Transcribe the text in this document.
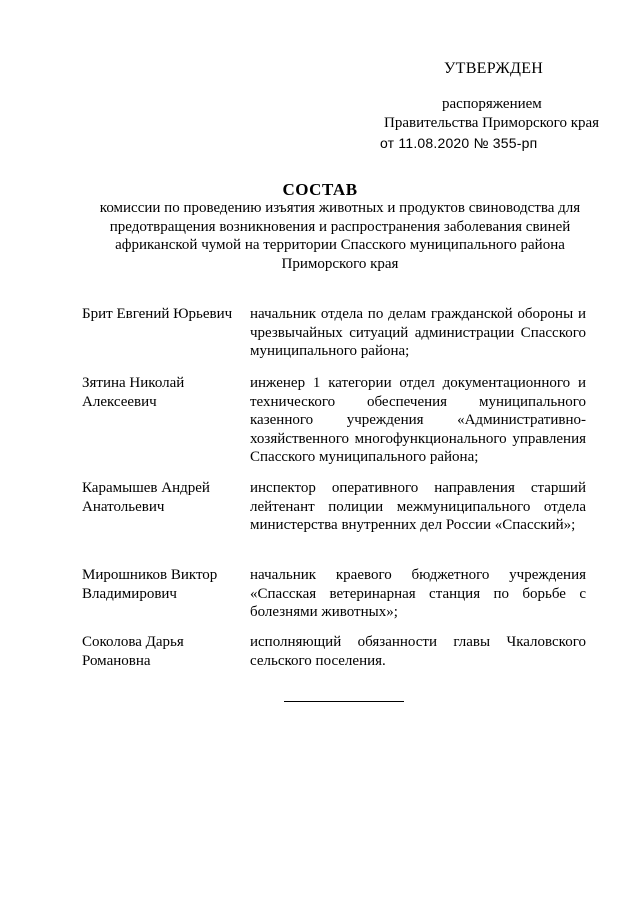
УТВЕРЖДЕН
распоряжением
Правительства Приморского края
от 11.08.2020 № 355-рп
СОСТАВ
комиссии по проведению изъятия животных и продуктов свиноводства для предотвращения возникновения и распространения заболевания свиней африканской чумой на территории Спасского муниципального района Приморского края
Брит Евгений Юрьевич	начальник отдела по делам гражданской обороны и чрезвычайных ситуаций администрации Спасского муниципального района;
Зятина Николай Алексеевич
инженер 1 категории отдел документационного и технического обеспечения муниципального казенного учреждения «Административно-хозяйственного многофункционального управления Спасского муниципального района;
Карамышев Андрей Анатольевич
инспектор оперативного направления старший лейтенант полиции межмуниципального отдела министерства внутренних дел России «Спасский»;
Мирошников Виктор Владимирович
начальник краевого бюджетного учреждения «Спасская ветеринарная станция по борьбе с болезнями животных»;
Соколова Дарья Романовна
исполняющий обязанности главы Чкаловского сельского поселения.
